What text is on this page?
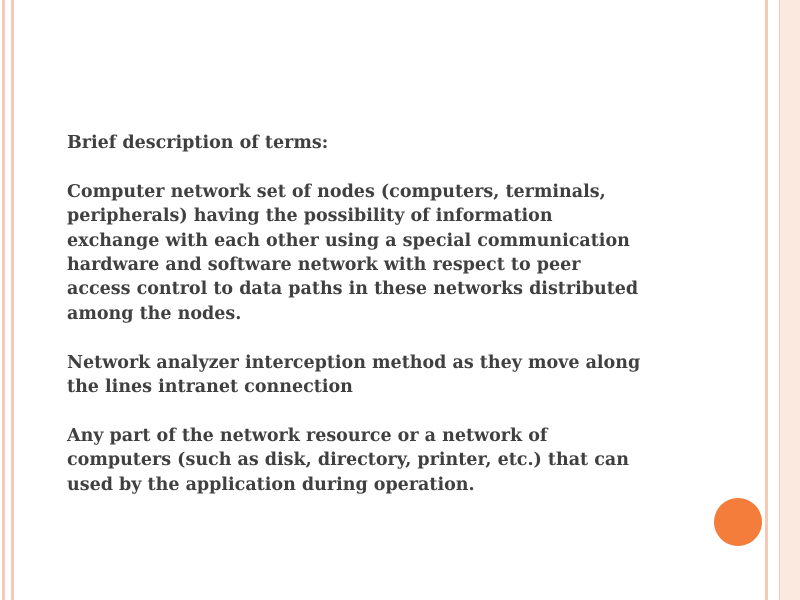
Brief description of terms:

Computer network set of nodes (computers, terminals,

peripherals) having the possibility of information

exchange with each other using a special communication

hardware and software network with respect to peer

access control to data paths in these networks distributed

among the nodes.

Network analyzer interception method as they move along

the lines intranet connection

Any part of the network resource or a network of

computers (such as disk, directory, printer, etc.) that can

used by the application during operation.
